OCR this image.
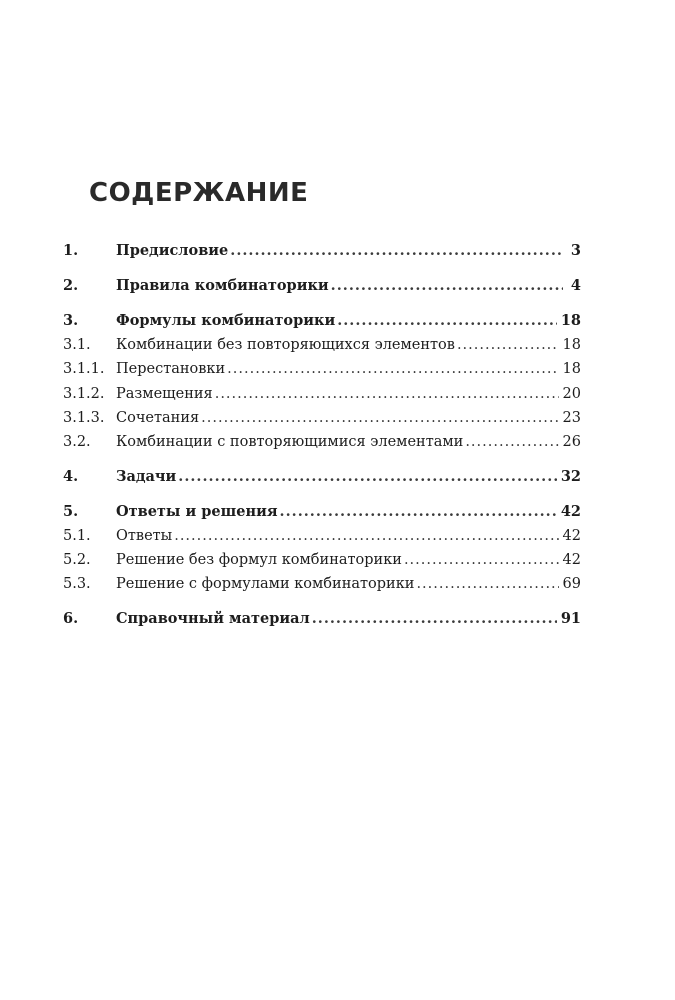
СОДЕРЖАНИЕ
1.	Предисловие .....	3
2.	Правила комбинаторики .....	4
3.	Формулы комбинаторики .....	18
3.1.	Комбинации без повторяющихся элементов .....	18
3.1.1. Перестановки .....	18
3.1.2. Размещения .....	20
3.1.3. Сочетания .....	23
3.2.	Комбинации с повторяющимися элементами .....	26
4.	Задачи .....	32
5.	Ответы и решения .....	42
5.1.	Ответы .....	42
5.2.	Решение без формул комбинаторики .....	42
5.3.	Решение с формулами комбинаторики .....	69
6.	Справочный материал .....	91
